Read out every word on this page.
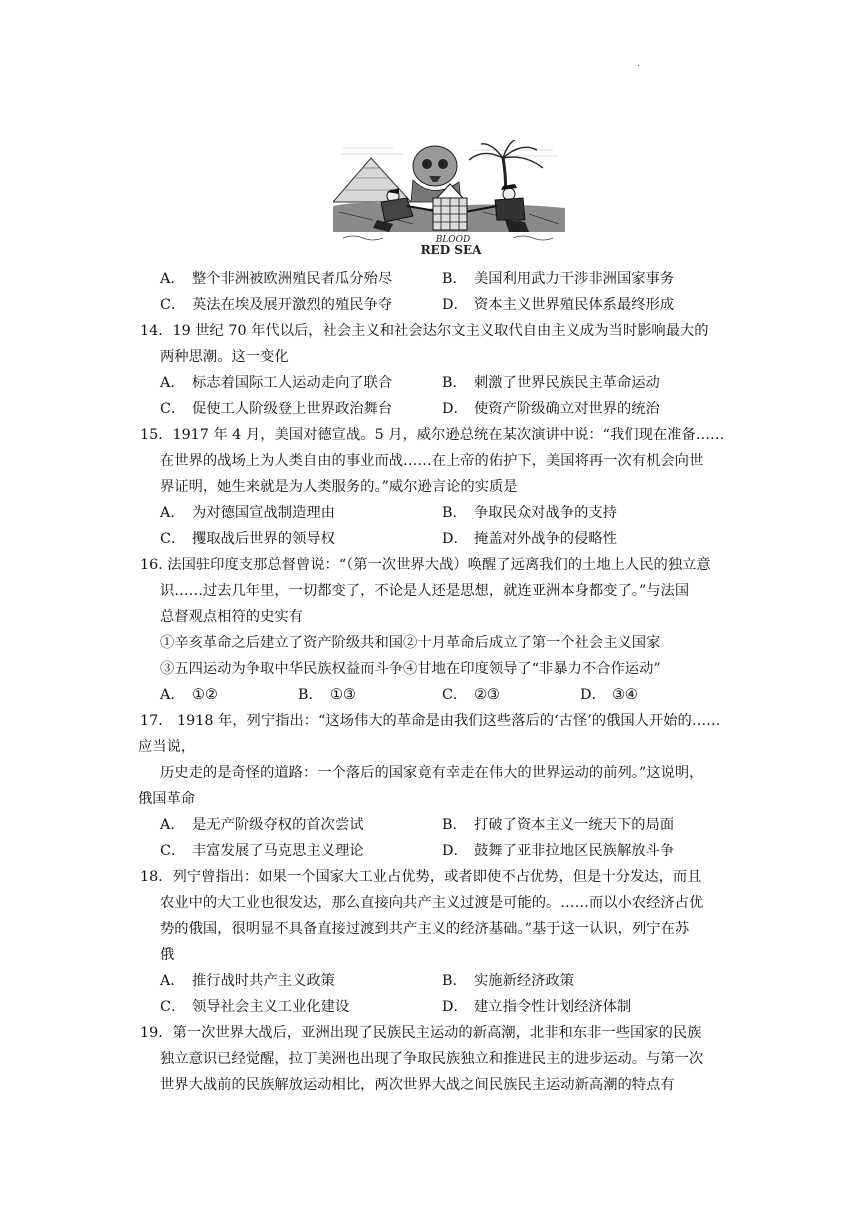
.
BLOOD
RED SEA
A． 整个非洲被欧洲殖民者瓜分殆尽	B． 美国利用武力干涉非洲国家事务
C． 英法在埃及展开激烈的殖民争夺	D． 资本主义世界殖民体系最终形成
14．19 世纪 70 年代以后，社会主义和社会达尔文主义取代自由主义成为当时影响最大的
两种思潮。这一变化
A． 标志着国际工人运动走向了联合	B． 刺激了世界民族民主革命运动
C． 促使工人阶级登上世界政治舞台	D． 使资产阶级确立对世界的统治
15．1917 年 4 月，美国对德宣战。5 月，威尔逊总统在某次演讲中说：“我们现在准备……
在世界的战场上为人类自由的事业而战……在上帝的佑护下，美国将再一次有机会向世
界证明，她生来就是为人类服务的。”威尔逊言论的实质是
A． 为对德国宣战制造理由	B． 争取民众对战争的支持
C． 攫取战后世界的领导权	D． 掩盖对外战争的侵略性
16. 法国驻印度支那总督曾说：“（第一次世界大战）唤醒了远离我们的土地上人民的独立意
识……过去几年里，一切都变了，不论是人还是思想，就连亚洲本身都变了。”与法国
总督观点相符的史实有
①辛亥革命之后建立了资产阶级共和国②十月革命后成立了第一个社会主义国家
③五四运动为争取中华民族权益而斗争④甘地在印度领导了“非暴力不合作运动”
A． ①②	B． ①③	C． ②③	D． ③④
17． 1918 年，列宁指出：“这场伟大的革命是由我们这些落后的‘古怪’的俄国人开始的……
应当说，
历史走的是奇怪的道路：一个落后的国家竟有幸走在伟大的世界运动的前列。”这说明，
俄国革命
A． 是无产阶级夺权的首次尝试	B． 打破了资本主义一统天下的局面
C． 丰富发展了马克思主义理论	D． 鼓舞了亚非拉地区民族解放斗争
18．列宁曾指出：如果一个国家大工业占优势，或者即使不占优势，但是十分发达，而且
农业中的大工业也很发达，那么直接向共产主义过渡是可能的。……而以小农经济占优
势的俄国，很明显不具备直接过渡到共产主义的经济基础。”基于这一认识，列宁在苏
俄
A． 推行战时共产主义政策	B． 实施新经济政策
C． 领导社会主义工业化建设	D． 建立指令性计划经济体制
19．第一次世界大战后，亚洲出现了民族民主运动的新高潮，北非和东非一些国家的民族
独立意识已经觉醒，拉丁美洲也出现了争取民族独立和推进民主的进步运动。与第一次
世界大战前的民族解放运动相比，两次世界大战之间民族民主运动新高潮的特点有
